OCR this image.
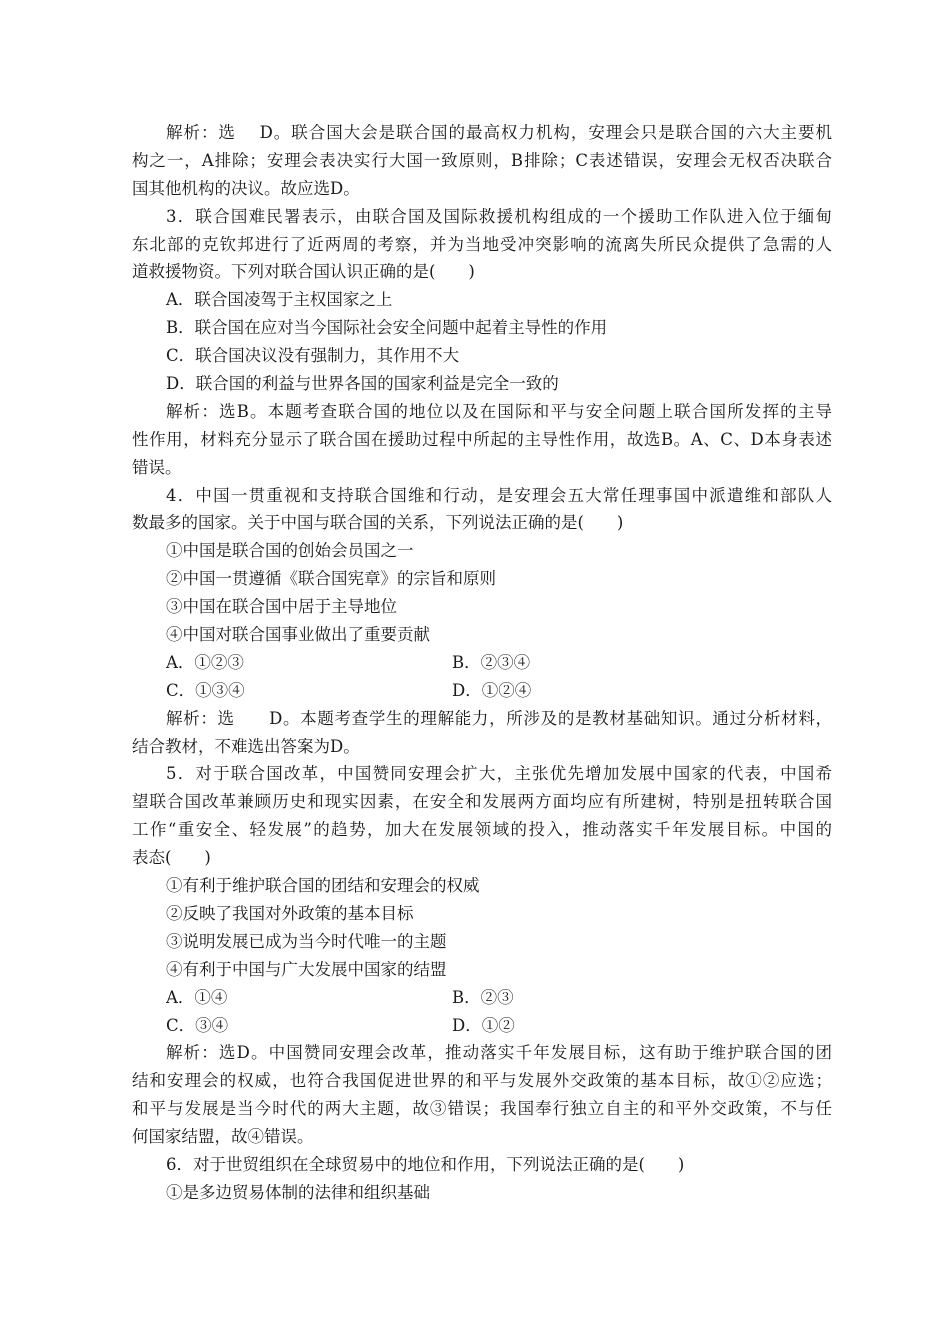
解析：选　 D。联合国大会是联合国的最高权力机构，安理会只是联合国的六大主要机
构之一，A排除；安理会表决实行大国一致原则，B排除；C表述错误，安理会无权否决联合
国其他机构的决议。故应选D。
3．联合国难民署表示，由联合国及国际救援机构组成的一个援助工作队进入位于缅甸
东北部的克钦邦进行了近两周的考察，并为当地受冲突影响的流离失所民众提供了急需的人
道救援物资。下列对联合国认识正确的是(　　)
A．联合国凌驾于主权国家之上
B．联合国在应对当今国际社会安全问题中起着主导性的作用
C．联合国决议没有强制力，其作用不大
D．联合国的利益与世界各国的国家利益是完全一致的
解析：选B。本题考查联合国的地位以及在国际和平与安全问题上联合国所发挥的主导
性作用，材料充分显示了联合国在援助过程中所起的主导性作用，故选B。A、C、D本身表述
错误。
4．中国一贯重视和支持联合国维和行动，是安理会五大常任理事国中派遣维和部队人
数最多的国家。关于中国与联合国的关系，下列说法正确的是(　　)
①中国是联合国的创始会员国之一
②中国一贯遵循《联合国宪章》的宗旨和原则
③中国在联合国中居于主导地位
④中国对联合国事业做出了重要贡献
A．①②③	B．②③④
C．①③④	D．①②④
解析：选　　D。本题考查学生的理解能力，所涉及的是教材基础知识。通过分析材料，
结合教材，不难选出答案为D。
5．对于联合国改革，中国赞同安理会扩大，主张优先增加发展中国家的代表，中国希
望联合国改革兼顾历史和现实因素，在安全和发展两方面均应有所建树，特别是扭转联合国
工作“重安全、轻发展”的趋势，加大在发展领域的投入，推动落实千年发展目标。中国的
表态(　　)
①有利于维护联合国的团结和安理会的权威
②反映了我国对外政策的基本目标
③说明发展已成为当今时代唯一的主题
④有利于中国与广大发展中国家的结盟
A．①④	B．②③
C．③④	D．①②
解析：选D。中国赞同安理会改革，推动落实千年发展目标，这有助于维护联合国的团
结和安理会的权威，也符合我国促进世界的和平与发展外交政策的基本目标，故①②应选；
和平与发展是当今时代的两大主题，故③错误；我国奉行独立自主的和平外交政策，不与任
何国家结盟，故④错误。
6．对于世贸组织在全球贸易中的地位和作用，下列说法正确的是(　　)
①是多边贸易体制的法律和组织基础
